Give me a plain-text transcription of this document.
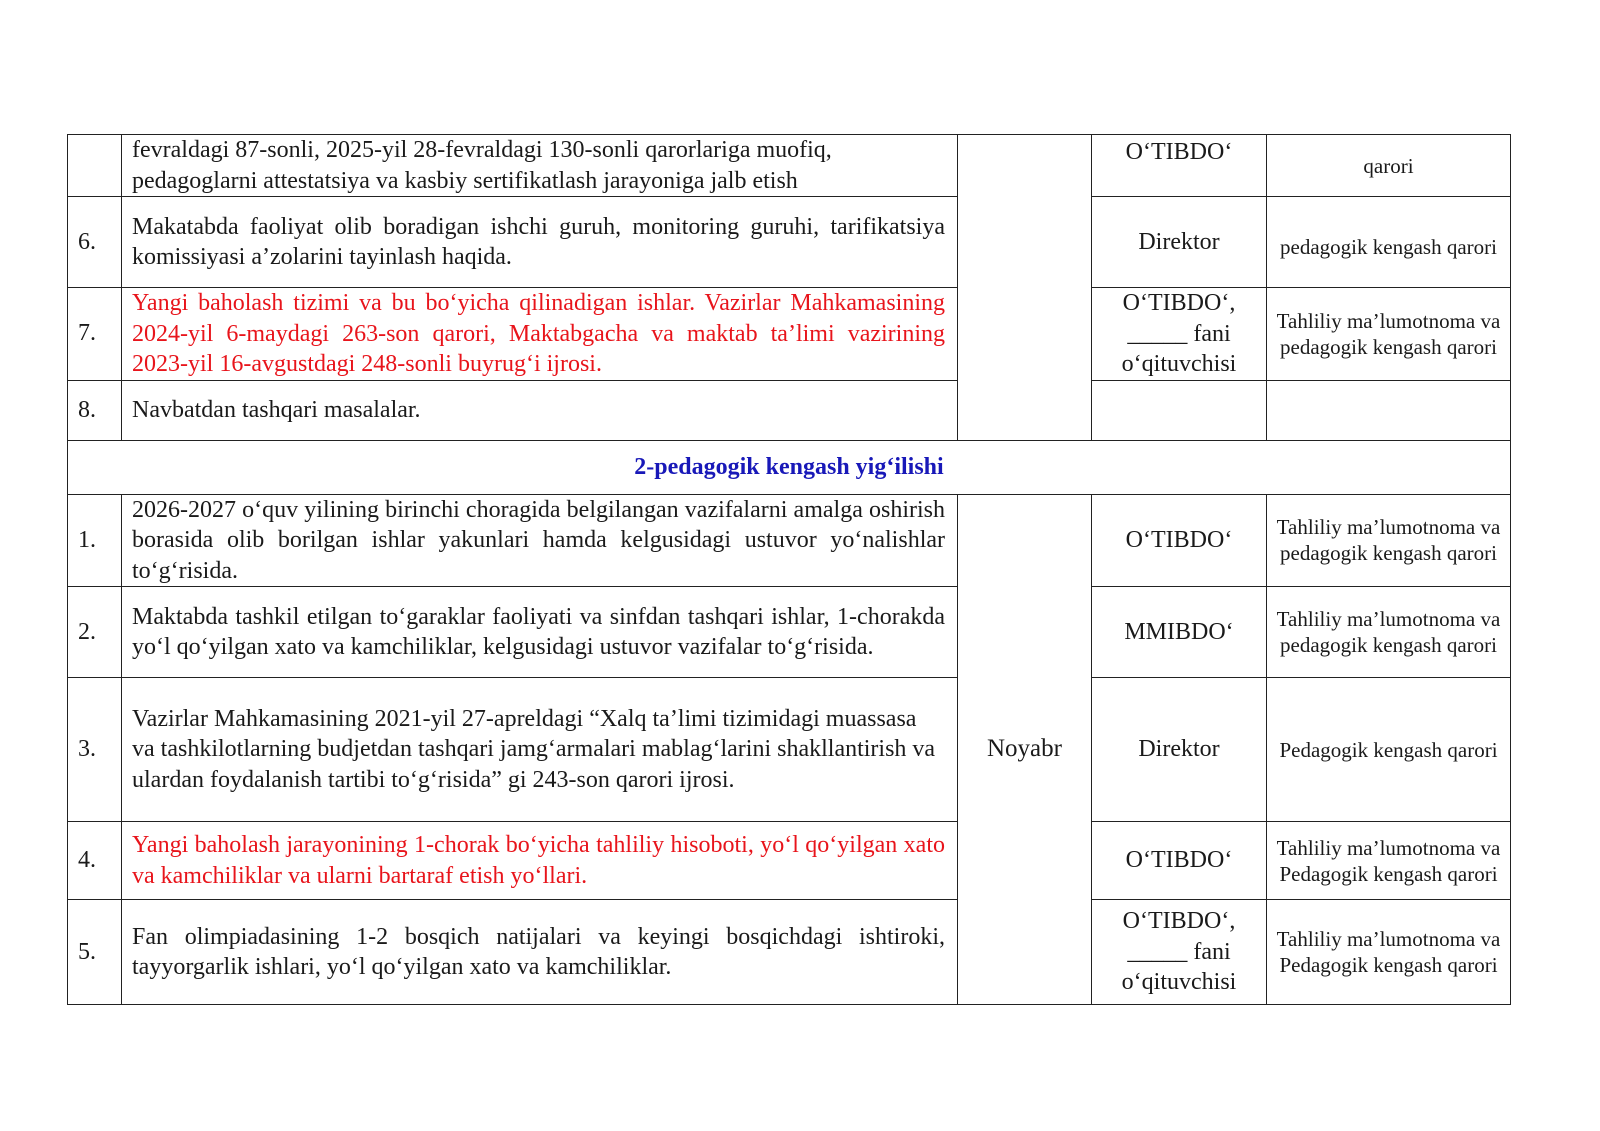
	fevraldagi 87-sonli, 2025-yil 28-fevraldagi 130-sonli qarorlariga muofiq, pedagoglarni attestatsiya va kasbiy sertifikatlash jarayoniga jalb etish		O‘TIBDO‘	qarori
6.	Makatabda faoliyat olib boradigan ishchi guruh, monitoring guruhi, tarifikatsiya komissiyasi a’zolarini tayinlash haqida.		Direktor	pedagogik kengash qarori
7.	Yangi baholash tizimi va bu bo‘yicha qilinadigan ishlar. Vazirlar Mahkamasining 2024-yil 6-maydagi 263-son qarori, Maktabgacha va maktab ta’limi vazirining 2023-yil 16-avgustdagi 248-sonli buyrug‘i ijrosi.		O‘TIBDO‘, _____ fani o‘qituvchisi	Tahliliy ma’lumotnoma va pedagogik kengash qarori
8.	Navbatdan tashqari masalalar.			
2-pedagogik kengash yig‘ilishi				
1.	2026-2027 o‘quv yilining birinchi choragida belgilangan vazifalarni amalga oshirish borasida olib borilgan ishlar yakunlari hamda kelgusidagi ustuvor yo‘nalishlar to‘g‘risida.	Noyabr	O‘TIBDO‘	Tahliliy ma’lumotnoma va pedagogik kengash qarori
2.	Maktabda tashkil etilgan to‘garaklar faoliyati va sinfdan tashqari ishlar, 1-chorakda yo‘l qo‘yilgan xato va kamchiliklar, kelgusidagi ustuvor vazifalar to‘g‘risida.		MMIBDO‘	Tahliliy ma’lumotnoma va pedagogik kengash qarori
3.	Vazirlar Mahkamasining 2021-yil 27-apreldagi “Xalq ta’limi tizimidagi muassasa va tashkilotlarning budjetdan tashqari jamg‘armalari mablag‘larini shakllantirish va ulardan foydalanish tartibi to‘g‘risida” gi 243-son qarori ijrosi.		Direktor	Pedagogik kengash qarori
4.	Yangi baholash jarayonining 1-chorak bo‘yicha tahliliy hisoboti, yo‘l qo‘yilgan xato va kamchiliklar va ularni bartaraf etish yo‘llari.		O‘TIBDO‘	Tahliliy ma’lumotnoma va Pedagogik kengash qarori
5.	Fan olimpiadasining 1-2 bosqich natijalari va keyingi bosqichdagi ishtiroki, tayyorgarlik ishlari, yo‘l qo‘yilgan xato va kamchiliklar.		O‘TIBDO‘, _____ fani o‘qituvchisi	Tahliliy ma’lumotnoma va Pedagogik kengash qarori
